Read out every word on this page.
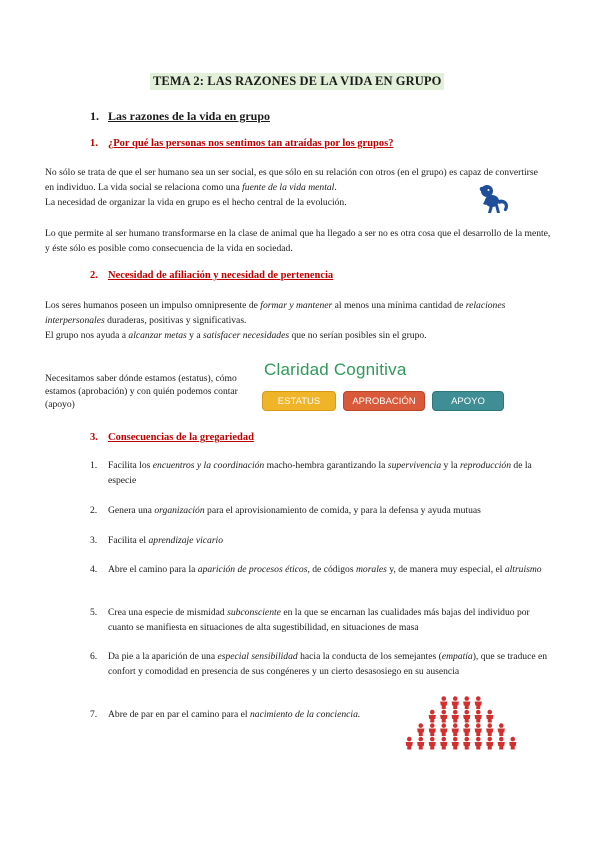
TEMA 2: LAS RAZONES DE LA VIDA EN GRUPO
1. Las razones de la vida en grupo
1. ¿Por qué las personas nos sentimos tan atraídas por los grupos?
No sólo se trata de que el ser humano sea un ser social, es que sólo en su relación con otros (en el grupo) es capaz de convertirse en individuo. La vida social se relaciona como una fuente de la vida mental.
La necesidad de organizar la vida en grupo es el hecho central de la evolución.
Lo que permite al ser humano transformarse en la clase de animal que ha llegado a ser no es otra cosa que el desarrollo de la mente, y éste sólo es posible como consecuencia de la vida en sociedad.
2. Necesidad de afiliación y necesidad de pertenencia
Los seres humanos poseen un impulso omnipresente de formar y mantener al menos una mínima cantidad de relaciones interpersonales duraderas, positivas y significativas.
El grupo nos ayuda a alcanzar metas y a satisfacer necesidades que no serían posibles sin el grupo.
Necesitamos saber dónde estamos (estatus), cómo estamos (aprobación) y con quién podemos contar (apoyo)
Claridad Cognitiva
ESTATUS	APROBACIÓN	APOYO
3. Consecuencias de la gregariedad
1.	Facilita los encuentros y la coordinación macho-hembra garantizando la supervivencia y la reproducción de la especie
2.	Genera una organización para el aprovisionamiento de comida, y para la defensa y ayuda mutuas
3.	Facilita el aprendizaje vicario
4.	Abre el camino para la aparición de procesos éticos, de códigos morales y, de manera muy especial, el altruismo
5.	Crea una especie de mismidad subconsciente en la que se encarnan las cualidades más bajas del individuo por cuanto se manifiesta en situaciones de alta sugestibilidad, en situaciones de masa
6.	Da pie a la aparición de una especial sensibilidad hacia la conducta de los semejantes (empatía), que se traduce en confort y comodidad en presencia de sus congéneres y un cierto desasosiego en su ausencia
7.	Abre de par en par el camino para el nacimiento de la conciencia.
